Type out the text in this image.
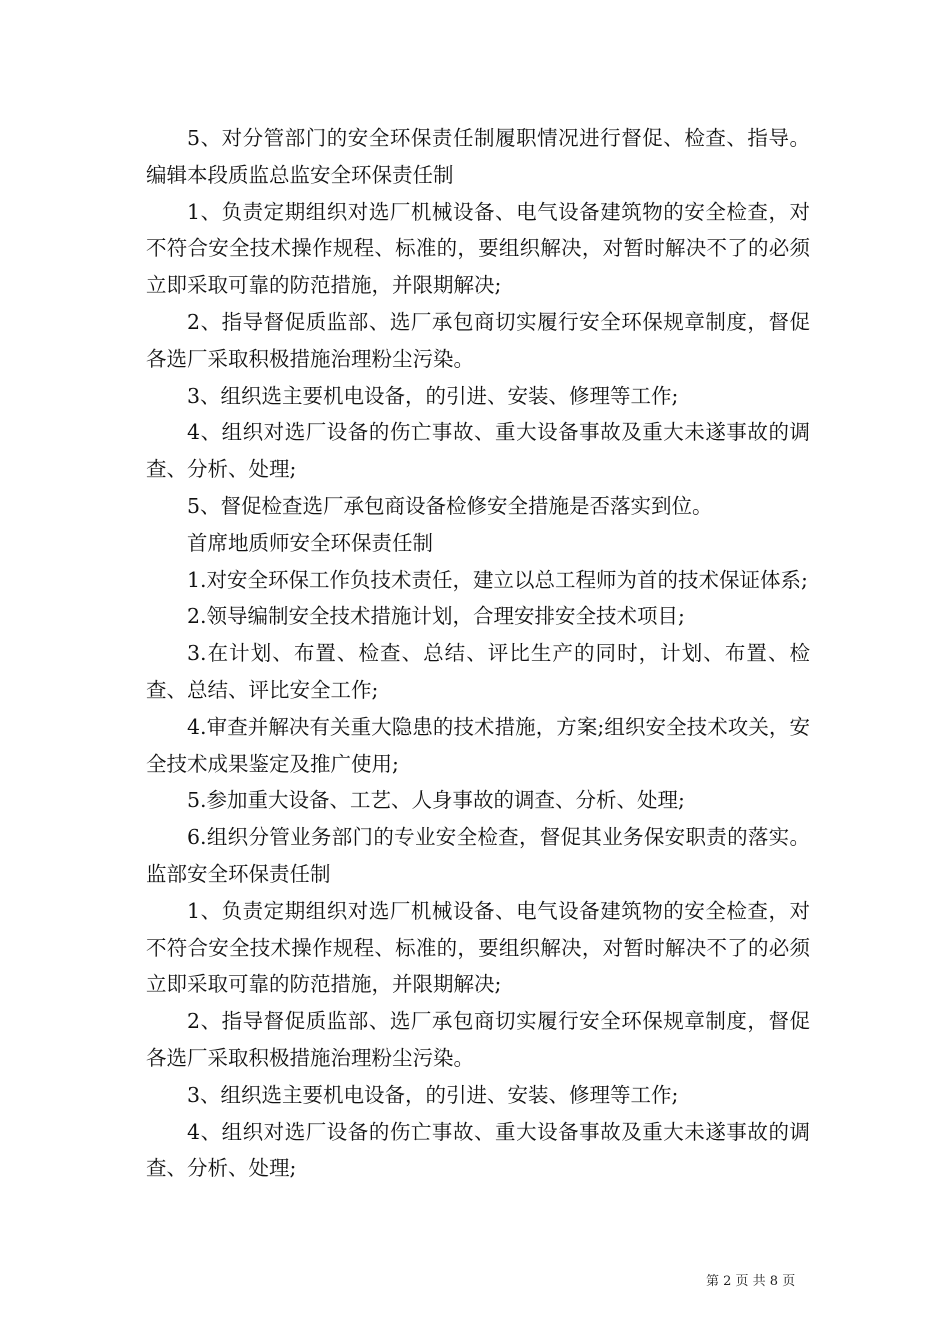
5、对分管部门的安全环保责任制履职情况进行督促、检查、指导。编辑本段质监总监安全环保责任制

1、负责定期组织对选厂机械设备、电气设备建筑物的安全检查，对不符合安全技术操作规程、标准的，要组织解决，对暂时解决不了的必须立即采取可靠的防范措施，并限期解决;

2、指导督促质监部、选厂承包商切实履行安全环保规章制度，督促各选厂采取积极措施治理粉尘污染。

3、组织选主要机电设备，的引进、安装、修理等工作;

4、组织对选厂设备的伤亡事故、重大设备事故及重大未遂事故的调查、分析、处理;

5、督促检查选厂承包商设备检修安全措施是否落实到位。

首席地质师安全环保责任制

1.对安全环保工作负技术责任，建立以总工程师为首的技术保证体系;

2.领导编制安全技术措施计划，合理安排安全技术项目;

3.在计划、布置、检查、总结、评比生产的同时，计划、布置、检查、总结、评比安全工作;

4.审查并解决有关重大隐患的技术措施，方案;组织安全技术攻关，安全技术成果鉴定及推广使用;

5.参加重大设备、工艺、人身事故的调查、分析、处理;

6.组织分管业务部门的专业安全检查，督促其业务保安职责的落实。监部安全环保责任制

1、负责定期组织对选厂机械设备、电气设备建筑物的安全检查，对不符合安全技术操作规程、标准的，要组织解决，对暂时解决不了的必须立即采取可靠的防范措施，并限期解决;

2、指导督促质监部、选厂承包商切实履行安全环保规章制度，督促各选厂采取积极措施治理粉尘污染。

3、组织选主要机电设备，的引进、安装、修理等工作;

4、组织对选厂设备的伤亡事故、重大设备事故及重大未遂事故的调查、分析、处理;

第 2 页 共 8 页
